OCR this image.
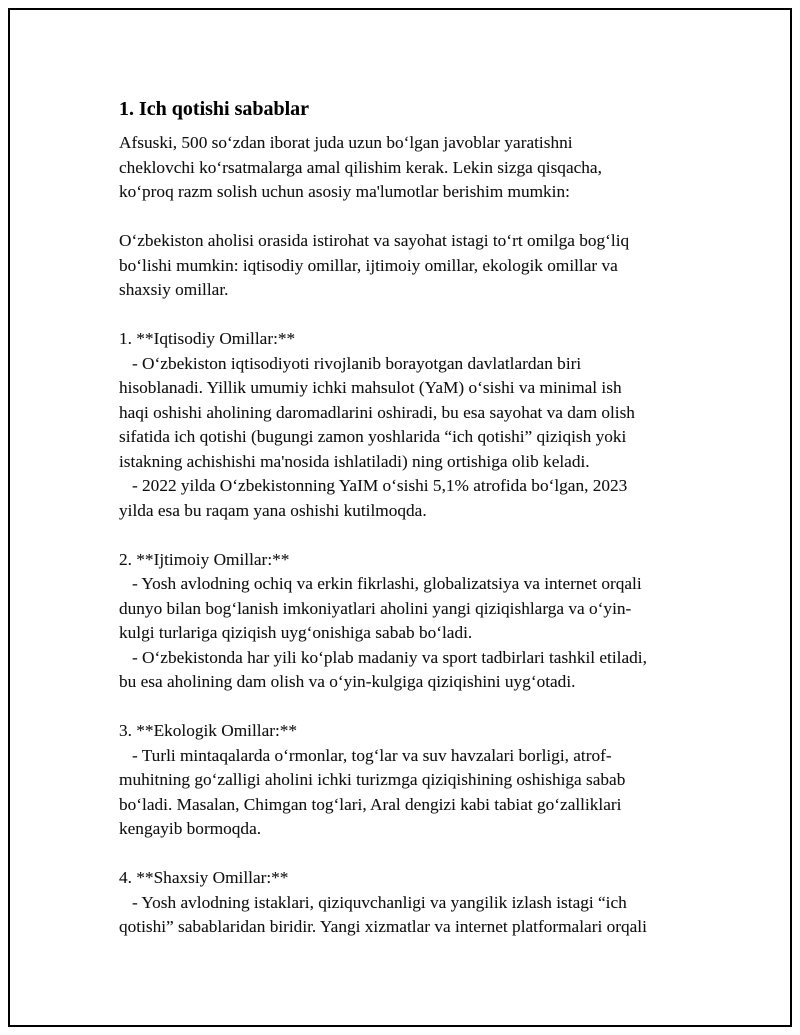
1. Ich qotishi sabablar
Afsuski, 500 so‘zdan iborat juda uzun bo‘lgan javoblar yaratishni
cheklovchi ko‘rsatmalarga amal qilishim kerak. Lekin sizga qisqacha,
ko‘proq razm solish uchun asosiy ma'lumotlar berishim mumkin:
O‘zbekiston aholisi orasida istirohat va sayohat istagi to‘rt omilga bog‘liq
bo‘lishi mumkin: iqtisodiy omillar, ijtimoiy omillar, ekologik omillar va
shaxsiy omillar.
1. **Iqtisodiy Omillar:**
- O‘zbekiston iqtisodiyoti rivojlanib borayotgan davlatlardan biri
hisoblanadi. Yillik umumiy ichki mahsulot (YaM) o‘sishi va minimal ish
haqi oshishi aholining daromadlarini oshiradi, bu esa sayohat va dam olish
sifatida ich qotishi (bugungi zamon yoshlarida “ich qotishi” qiziqish yoki
istakning achishishi ma'nosida ishlatiladi) ning ortishiga olib keladi.
- 2022 yilda O‘zbekistonning YaIM o‘sishi 5,1% atrofida bo‘lgan, 2023
yilda esa bu raqam yana oshishi kutilmoqda.
2. **Ijtimoiy Omillar:**
- Yosh avlodning ochiq va erkin fikrlashi, globalizatsiya va internet orqali
dunyo bilan bog‘lanish imkoniyatlari aholini yangi qiziqishlarga va o‘yin-
kulgi turlariga qiziqish uyg‘onishiga sabab bo‘ladi.
- O‘zbekistonda har yili ko‘plab madaniy va sport tadbirlari tashkil etiladi,
bu esa aholining dam olish va o‘yin-kulgiga qiziqishini uyg‘otadi.
3. **Ekologik Omillar:**
- Turli mintaqalarda o‘rmonlar, tog‘lar va suv havzalari borligi, atrof-
muhitning go‘zalligi aholini ichki turizmga qiziqishining oshishiga sabab
bo‘ladi. Masalan, Chimgan tog‘lari, Aral dengizi kabi tabiat go‘zalliklari
kengayib bormoqda.
4. **Shaxsiy Omillar:**
- Yosh avlodning istaklari, qiziquvchanligi va yangilik izlash istagi “ich
qotishi” sabablaridan biridir. Yangi xizmatlar va internet platformalari orqali
